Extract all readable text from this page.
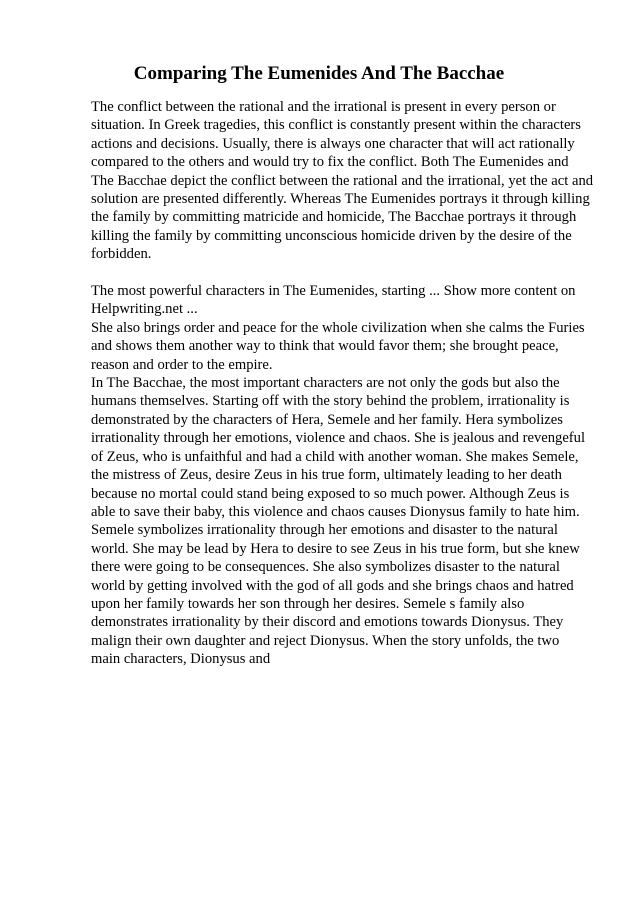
Comparing The Eumenides And The Bacchae

The conflict between the rational and the irrational is present in every person or
situation. In Greek tragedies, this conflict is constantly present within the characters
actions and decisions. Usually, there is always one character that will act rationally
compared to the others and would try to fix the conflict. Both The Eumenides and
The Bacchae depict the conflict between the rational and the irrational, yet the act and
solution are presented differently. Whereas The Eumenides portrays it through killing
the family by committing matricide and homicide, The Bacchae portrays it through
killing the family by committing unconscious homicide driven by the desire of the
forbidden.

The most powerful characters in The Eumenides, starting ... Show more content on
Helpwriting.net ...

She also brings order and peace for the whole civilization when she calms the Furies
and shows them another way to think that would favor them; she brought peace,
reason and order to the empire.

In The Bacchae, the most important characters are not only the gods but also the
humans themselves. Starting off with the story behind the problem, irrationality is
demonstrated by the characters of Hera, Semele and her family. Hera symbolizes
irrationality through her emotions, violence and chaos. She is jealous and revengeful
of Zeus, who is unfaithful and had a child with another woman. She makes Semele,
the mistress of Zeus, desire Zeus in his true form, ultimately leading to her death
because no mortal could stand being exposed to so much power. Although Zeus is
able to save their baby, this violence and chaos causes Dionysus family to hate him.
Semele symbolizes irrationality through her emotions and disaster to the natural
world. She may be lead by Hera to desire to see Zeus in his true form, but she knew
there were going to be consequences. She also symbolizes disaster to the natural
world by getting involved with the god of all gods and she brings chaos and hatred
upon her family towards her son through her desires. Semele s family also
demonstrates irrationality by their discord and emotions towards Dionysus. They
malign their own daughter and reject Dionysus. When the story unfolds, the two
main characters, Dionysus and
